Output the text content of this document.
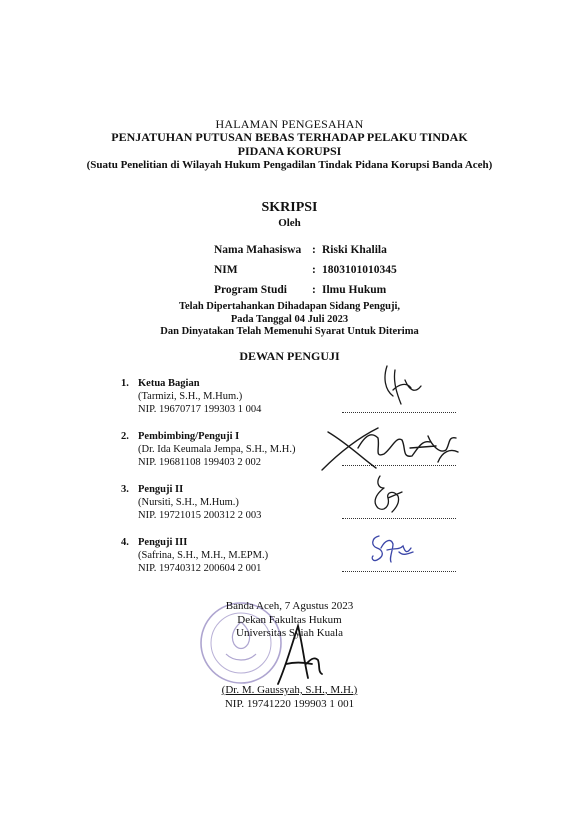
HALAMAN PENGESAHAN
PENJATUHAN PUTUSAN BEBAS TERHADAP PELAKU TINDAK
PIDANA KORUPSI
(Suatu Penelitian di Wilayah Hukum Pengadilan Tindak Pidana Korupsi Banda Aceh)
SKRIPSI
Oleh
Nama Mahasiswa : Riski Khalila
NIM	: 1803101010345
Program Studi : Ilmu Hukum
Telah Dipertahankan Dihadapan Sidang Penguji,
Pada Tanggal 04 Juli 2023
Dan Dinyatakan Telah Memenuhi Syarat Untuk Diterima
DEWAN PENGUJI
1. Ketua Bagian
(Tarmizi, S.H., M.Hum.)
NIP. 19670717 199303 1 004
2. Pembimbing/Penguji I
(Dr. Ida Keumala Jempa, S.H., M.H.)
NIP. 19681108 199403 2 002
3. Penguji II
(Nursiti, S.H., M.Hum.)
NIP. 19721015 200312 2 003
4. Penguji III
(Safrina, S.H., M.H., M.EPM.)
NIP. 19740312 200604 2 001
Banda Aceh, 7 Agustus 2023
Dekan Fakultas Hukum
Universitas Syiah Kuala
(Dr. M. Gaussyah, S.H., M.H.)
NIP. 19741220 199903 1 001
